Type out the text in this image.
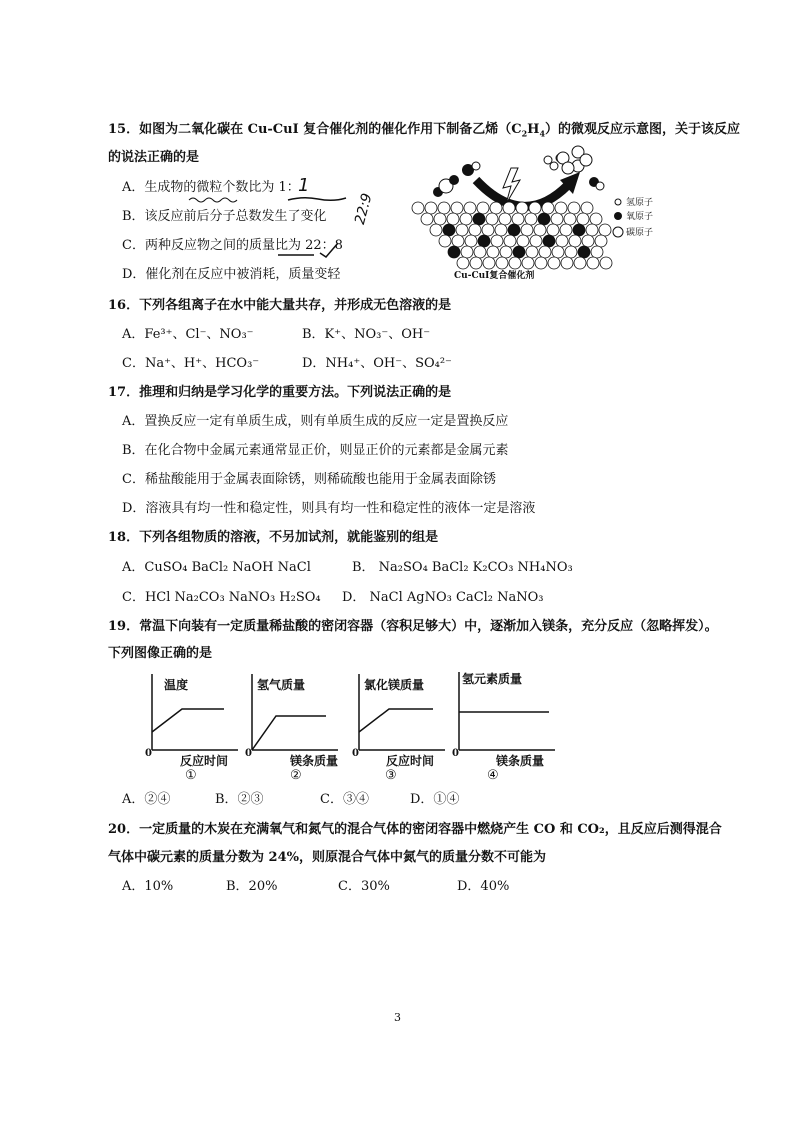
15．如图为二氧化碳在 Cu-CuI 复合催化剂的催化作用下制备乙烯$(C_2H_4)$的微观反应示意图，关于该反应
的说法正确的是
A．生成物的微粒个数比为 1：
1
B．该反应前后分子总数发生了变化
C．两种反应物之间的质量比为 22：8
22:9
D．催化剂在反应中被消耗，质量变轻
氢原子
氧原子
碳原子
Cu-CuI复合催化剂
16．下列各组离子在水中能大量共存，并形成无色溶液的是
A．Fe³⁺、Cl⁻、NO₃⁻	B．K⁺、NO₃⁻、OH⁻
C．Na⁺、H⁺、HCO₃⁻	D．NH₄⁺、OH⁻、SO₄²⁻
17．推理和归纳是学习化学的重要方法。下列说法正确的是
A．置换反应一定有单质生成，则有单质生成的反应一定是置换反应
B．在化合物中金属元素通常显正价，则显正价的元素都是金属元素
C．稀盐酸能用于金属表面除锈，则稀硫酸也能用于金属表面除锈
D．溶液具有均一性和稳定性，则具有均一性和稳定性的液体一定是溶液
18．下列各组物质的溶液，不另加试剂，就能鉴别的组是
A．CuSO₄ BaCl₂ NaOH NaCl	B． Na₂SO₄ BaCl₂ K₂CO₃ NH₄NO₃
C．HCl Na₂CO₃ NaNO₃ H₂SO₄ D． NaCl AgNO₃ CaCl₂ NaNO₃
19．常温下向装有一定质量稀盐酸的密闭容器（容积足够大）中，逐渐加入镁条，充分反应（忽略挥发）。
下列图像正确的是
温度
0
反应时间
①
氢气质量
0
镁条质量
②
氯化镁质量
0
反应时间
③
氢元素质量
0
镁条质量
④
A．②④	B．②③	C．③④	D．①④
20．一定质量的木炭在充满氧气和氮气的混合气体的密闭容器中燃烧产生 CO 和 CO₂，且反应后测得混合
气体中碳元素的质量分数为 24%，则原混合气体中氮气的质量分数不可能为
A．10%	B．20%	C．30%	D．40%
3
